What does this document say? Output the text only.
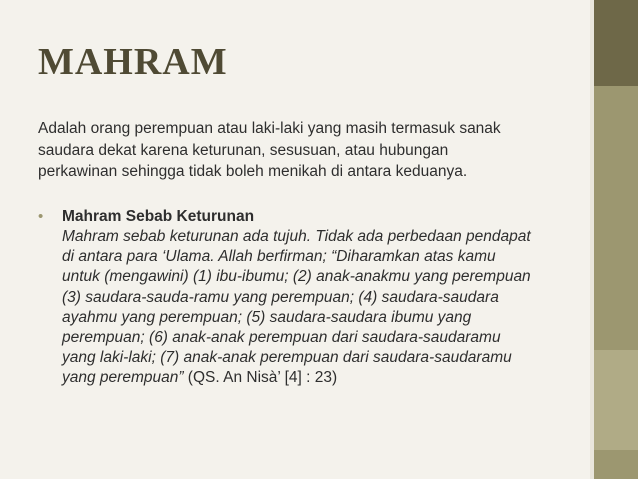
MAHRAM
Adalah orang perempuan atau laki-laki yang masih termasuk sanak
saudara dekat karena keturunan, sesusuan, atau hubungan
perkawinan sehingga tidak boleh menikah di antara keduanya.
• Mahram Sebab Keturunan
Mahram sebab keturunan ada tujuh. Tidak ada perbedaan pendapat
di antara para ‘Ulama. Allah berfirman; “Diharamkan atas kamu
untuk (mengawini) (1) ibu-ibumu; (2) anak-anakmu yang perempuan
(3) saudara-sauda-ramu yang perempuan; (4) saudara-saudara
ayahmu yang perempuan; (5) saudara-saudara ibumu yang
perempuan; (6) anak-anak perempuan dari saudara-saudaramu
yang laki-laki; (7) anak-anak perempuan dari saudara-saudaramu
yang perempuan” (QS. An Nisà’ [4] : 23)
